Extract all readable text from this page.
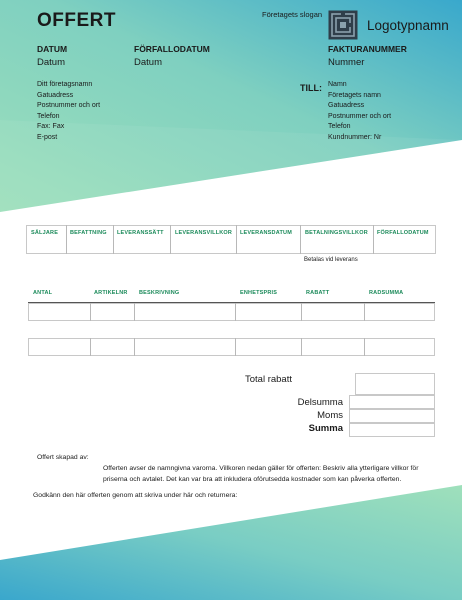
OFFERT	Företagets slogan
Logotypnamn
DATUM
Datum
FÖRFALLODATUM
Datum
FAKTURANUMMER
Nummer
Ditt företagsnamn
Gatuadress
Postnummer och ort
Telefon
Fax: Fax
E-post
TILL: Namn
Företagets namn
Gatuadress
Postnummer och ort
Telefon
Kundnummer: Nr
SÄLJARE BEFATTNING LEVERANSSÄTT LEVERANSVILLKOR LEVERANSDATUM BETALNINGSVILLKOR FÖRFALLODATUM
Betalas vid leverans
ANTAL	ARTIKELNR BESKRIVNING	ENHETSPRIS	RABATT	RADSUMMA
Total rabatt
Delsumma
Moms
Summa
Offert skapad av:
Offerten avser de namngivna varorna. Villkoren nedan gäller för offerten: Beskriv alla ytterligare villkor för priserna och avtalet. Det kan var bra att inkludera oförutsedda kostnader som kan påverka offerten.
Godkänn den här offerten genom att skriva under här och returnera:
